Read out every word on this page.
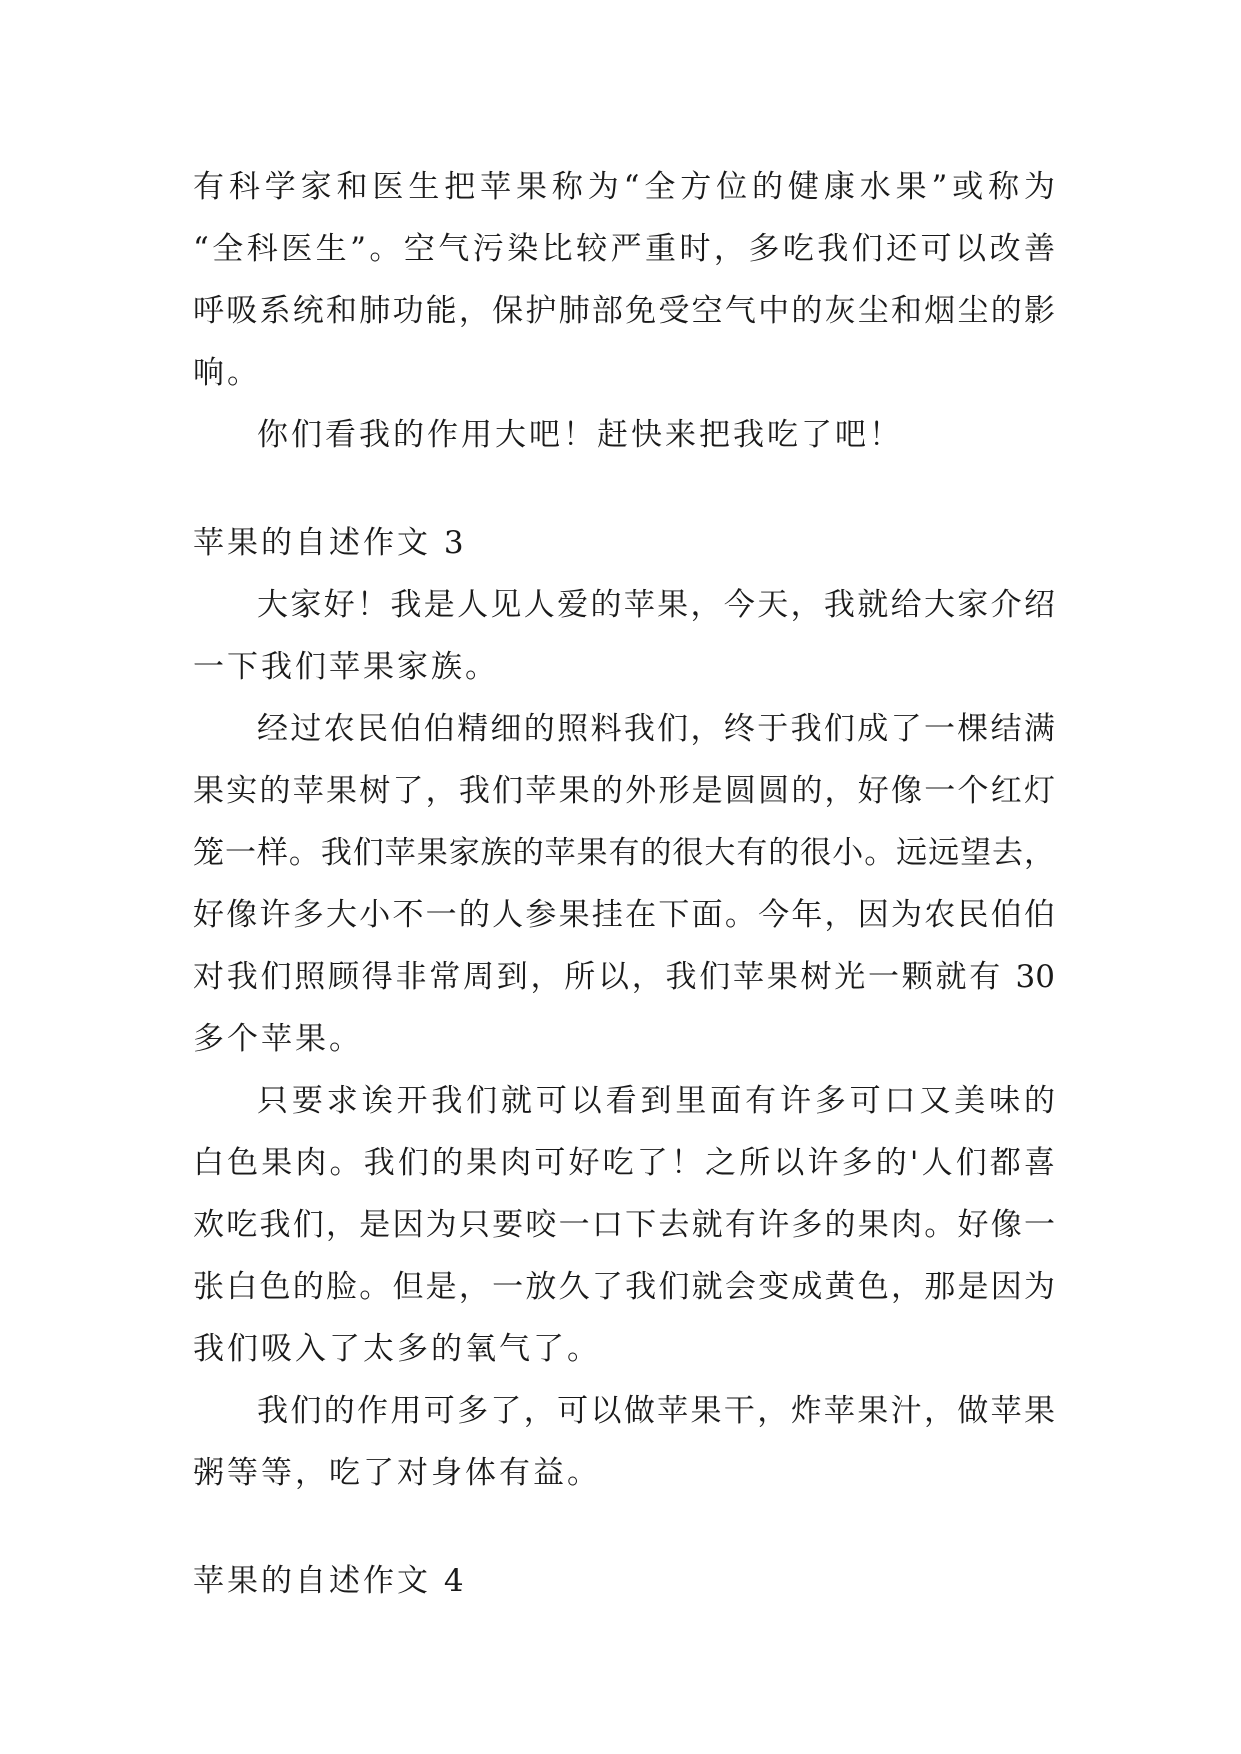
有科学家和医生把苹果称为“全方位的健康水果”或称为
“全科医生”。空气污染比较严重时，多吃我们还可以改善
呼吸系统和肺功能，保护肺部免受空气中的灰尘和烟尘的影
响。
你们看我的作用大吧！赶快来把我吃了吧！
苹果的自述作文 3
大家好！我是人见人爱的苹果，今天，我就给大家介绍
一下我们苹果家族。
经过农民伯伯精细的照料我们，终于我们成了一棵结满
果实的苹果树了，我们苹果的外形是圆圆的，好像一个红灯
笼一样。我们苹果家族的苹果有的很大有的很小。远远望去，
好像许多大小不一的人参果挂在下面。今年，因为农民伯伯
对我们照顾得非常周到，所以，我们苹果树光一颗就有 30
多个苹果。
只要求诶开我们就可以看到里面有许多可口又美味的
白色果肉。我们的果肉可好吃了！之所以许多的'人们都喜
欢吃我们，是因为只要咬一口下去就有许多的果肉。好像一
张白色的脸。但是，一放久了我们就会变成黄色，那是因为
我们吸入了太多的氧气了。
我们的作用可多了，可以做苹果干，炸苹果汁，做苹果
粥等等，吃了对身体有益。
苹果的自述作文 4
